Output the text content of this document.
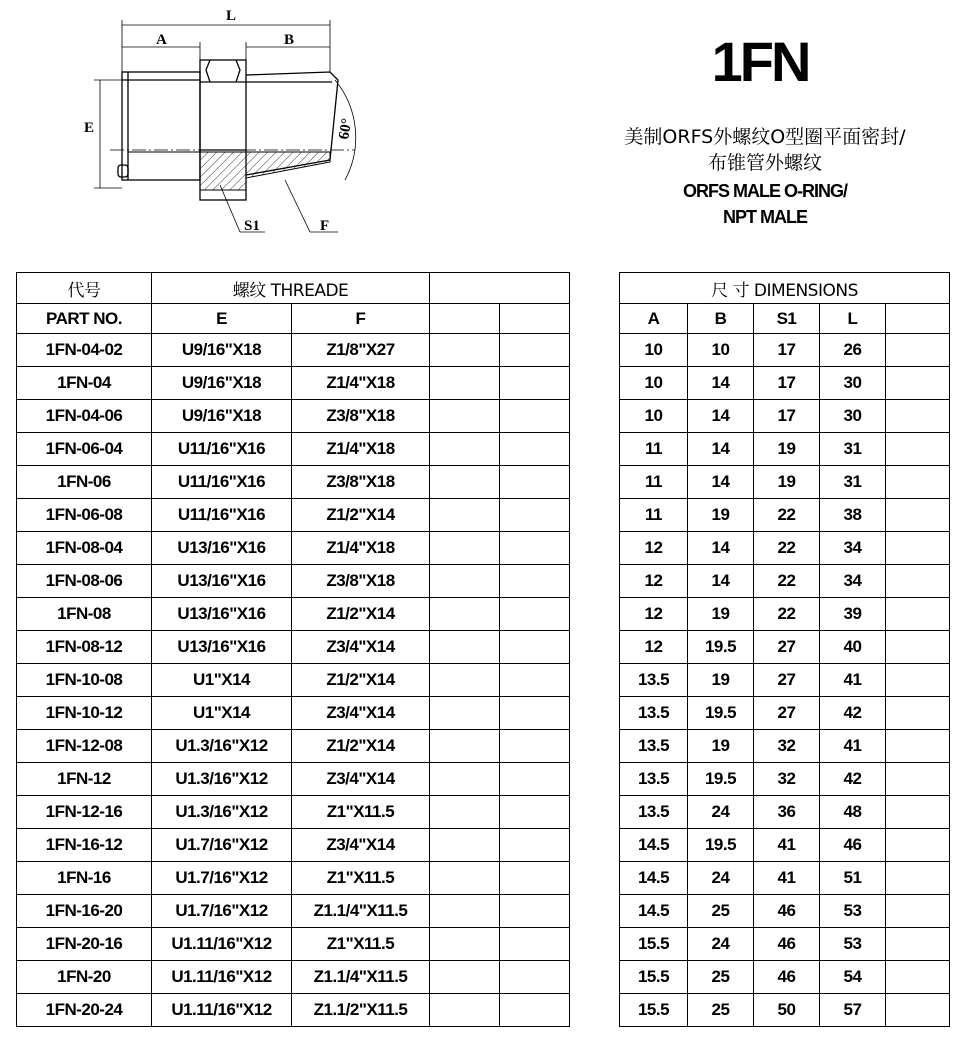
L
A	B
E
S1	F
60°
1FN
美制ORFS外螺纹O型圈平面密封/
布锥管外螺纹
ORFS MALE O-RING/
NPT MALE
代号	螺纹 THREADE					尺 寸 DIMENSIONS				
PART NO.	E	F				A	B	S1	L	
1FN-04-02	U9/16"X18	Z1/8"X27				10	10	17	26	
1FN-04	U9/16"X18	Z1/4"X18				10	14	17	30	
1FN-04-06	U9/16"X18	Z3/8"X18				10	14	17	30	
1FN-06-04	U11/16"X16	Z1/4"X18				11	14	19	31	
1FN-06	U11/16"X16	Z3/8"X18				11	14	19	31	
1FN-06-08	U11/16"X16	Z1/2"X14				11	19	22	38	
1FN-08-04	U13/16"X16	Z1/4"X18				12	14	22	34	
1FN-08-06	U13/16"X16	Z3/8"X18				12	14	22	34	
1FN-08	U13/16"X16	Z1/2"X14				12	19	22	39	
1FN-08-12	U13/16"X16	Z3/4"X14				12	19.5	27	40	
1FN-10-08	U1"X14	Z1/2"X14				13.5	19	27	41	
1FN-10-12	U1"X14	Z3/4"X14				13.5	19.5	27	42	
1FN-12-08	U1.3/16"X12	Z1/2"X14				13.5	19	32	41	
1FN-12	U1.3/16"X12	Z3/4"X14				13.5	19.5	32	42	
1FN-12-16	U1.3/16"X12	Z1"X11.5				13.5	24	36	48	
1FN-16-12	U1.7/16"X12	Z3/4"X14				14.5	19.5	41	46	
1FN-16	U1.7/16"X12	Z1"X11.5				14.5	24	41	51	
1FN-16-20	U1.7/16"X12	Z1.1/4"X11.5				14.5	25	46	53	
1FN-20-16	U1.11/16"X12	Z1"X11.5				15.5	24	46	53	
1FN-20	U1.11/16"X12	Z1.1/4"X11.5				15.5	25	46	54	
1FN-20-24	U1.11/16"X12	Z1.1/2"X11.5				15.5	25	50	57	
